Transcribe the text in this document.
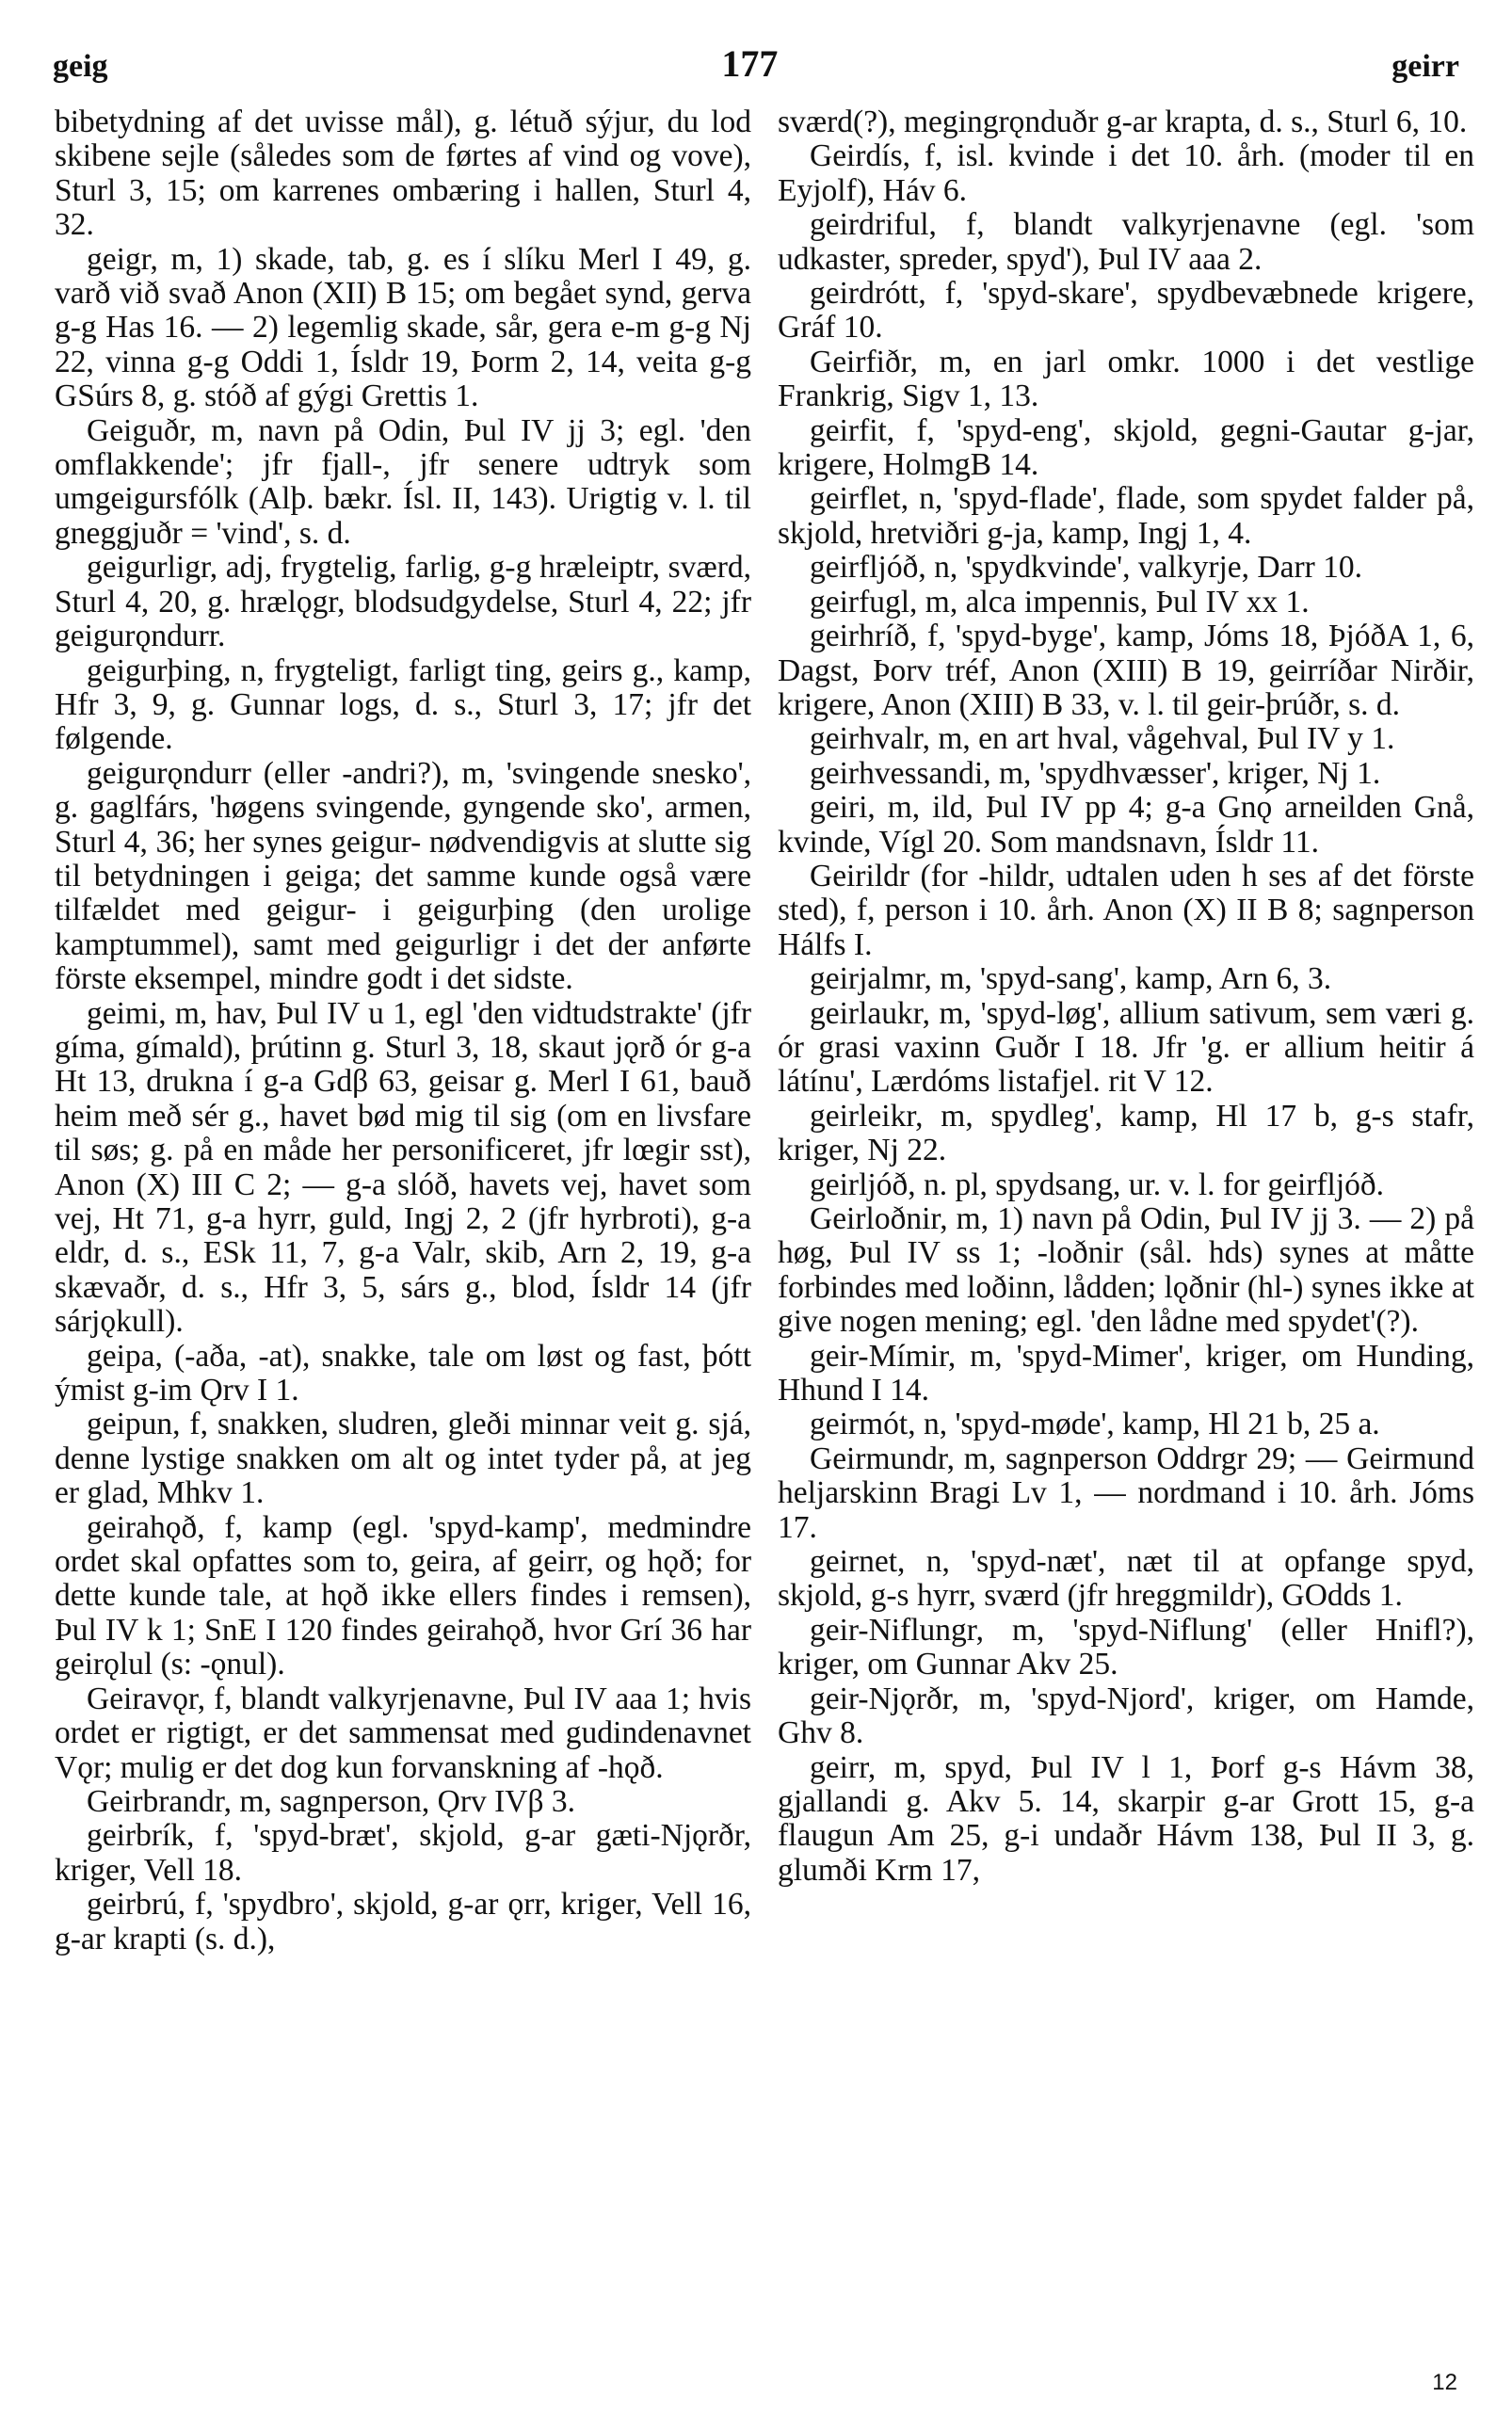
geig	177	geirr

bibetydning af det uvisse mål), g. létuð sýjur, du lod skibene sejle (således som de førtes af vind og vove), Sturl 3, 15; om karrenes ombæring i hallen, Sturl 4, 32.

geigr, m, 1) skade, tab, g. es í slíku Merl I 49, g. varð við svað Anon (XII) B 15; om begået synd, gerva g-g Has 16. — 2) legemlig skade, sår, gera e-m g-g Nj 22, vinna g-g Oddi 1, Ísldr 19, Þorm 2, 14, veita g-g GSúrs 8, g. stóð af gýgi Grettis 1.

Geiguðr, m, navn på Odin, Þul IV jj 3; egl. 'den omflakkende'; jfr fjall-, jfr senere udtryk som umgeigursfólk (Alþ. bækr. Ísl. II, 143). Urigtig v. l. til gneggjuðr = 'vind', s. d.

geigurligr, adj, frygtelig, farlig, g-g hræleiptr, sværd, Sturl 4, 20, g. hrælǫgr, blodsudgydelse, Sturl 4, 22; jfr geigurǫndurr.

geigurþing, n, frygteligt, farligt ting, geirs g., kamp, Hfr 3, 9, g. Gunnar logs, d. s., Sturl 3, 17; jfr det følgende.

geigurǫndurr (eller -andri?), m, 'svingende snesko', g. gaglfárs, 'høgens svingende, gyngende sko', armen, Sturl 4, 36; her synes geigur- nødvendigvis at slutte sig til betydningen i geiga; det samme kunde også være tilfældet med geigur- i geigurþing (den urolige kamptummel), samt med geigurligr i det der anførte förste eksempel, mindre godt i det sidste.

geimi, m, hav, Þul IV u 1, egl 'den vidtudstrakte' (jfr gíma, gímald), þrútinn g. Sturl 3, 18, skaut jǫrð ór g-a Ht 13, drukna í g-a Gdβ 63, geisar g. Merl I 61, bauð heim með sér g., havet bød mig til sig (om en livsfare til søs; g. på en måde her personificeret, jfr lœgir sst), Anon (X) III C 2; — g-a slóð, havets vej, havet som vej, Ht 71, g-a hyrr, guld, Ingj 2, 2 (jfr hyrbroti), g-a eldr, d. s., ESk 11, 7, g-a Valr, skib, Arn 2, 19, g-a skævaðr, d. s., Hfr 3, 5, sárs g., blod, Ísldr 14 (jfr sárjǫkull).

geipa, (-aða, -at), snakke, tale om løst og fast, þótt ýmist g-im Ǫrv I 1.

geipun, f, snakken, sludren, gleði minnar veit g. sjá, denne lystige snakken om alt og intet tyder på, at jeg er glad, Mhkv 1.

geirahǫð, f, kamp (egl. 'spyd-kamp', medmindre ordet skal opfattes som to, geira, af geirr, og hǫð; for dette kunde tale, at hǫð ikke ellers findes i remsen), Þul IV k 1; SnE I 120 findes geirahǫð, hvor Grí 36 har geirǫlul (s: -ǫnul).

Geiravǫr, f, blandt valkyrjenavne, Þul IV aaa 1; hvis ordet er rigtigt, er det sammensat med gudindenavnet Vǫr; mulig er det dog kun forvanskning af -hǫð.

Geirbrandr, m, sagnperson, Ǫrv IVβ 3.

geirbrík, f, 'spyd-bræt', skjold, g-ar gæti-Njǫrðr, kriger, Vell 18.

geirbrú, f, 'spydbro', skjold, g-ar ǫrr, kriger, Vell 16, g-ar krapti (s. d.),

sværd(?), megingrǫnduðr g-ar krapta, d. s., Sturl 6, 10.

Geirdís, f, isl. kvinde i det 10. årh. (moder til en Eyjolf), Háv 6.

geirdriful, f, blandt valkyrjenavne (egl. 'som udkaster, spreder, spyd'), Þul IV aaa 2.

geirdrótt, f, 'spyd-skare', spydbevæbnede krigere, Gráf 10.

Geirfiðr, m, en jarl omkr. 1000 i det vestlige Frankrig, Sigv 1, 13.

geirfit, f, 'spyd-eng', skjold, gegni-Gautar g-jar, krigere, HolmgB 14.

geirflet, n, 'spyd-flade', flade, som spydet falder på, skjold, hretviðri g-ja, kamp, Ingj 1, 4.

geirfljóð, n, 'spydkvinde', valkyrje, Darr 10.

geirfugl, m, alca impennis, Þul IV xx 1.

geirhríð, f, 'spyd-byge', kamp, Jóms 18, ÞjóðA 1, 6, Dagst, Þorv tréf, Anon (XIII) B 19, geirríðar Nirðir, krigere, Anon (XIII) B 33, v. l. til geir-þrúðr, s. d.

geirhvalr, m, en art hval, vågehval, Þul IV y 1.

geirhvessandi, m, 'spydhvæsser', kriger, Nj 1.

geiri, m, ild, Þul IV pp 4; g-a Gnǫ́ arneilden Gnå, kvinde, Vígl 20. Som mandsnavn, Ísldr 11.

Geirildr (for -hildr, udtalen uden h ses af det förste sted), f, person i 10. årh. Anon (X) II B 8; sagnperson Hálfs I.

geirjalmr, m, 'spyd-sang', kamp, Arn 6, 3.

geirlaukr, m, 'spyd-løg', allium sativum, sem væri g. ór grasi vaxinn Guðr I 18. Jfr 'g. er allium heitir á látínu', Lærdóms listafjel. rit V 12.

geirleikr, m, spydleg', kamp, Hl 17 b, g-s stafr, kriger, Nj 22.

geirljóð, n. pl, spydsang, ur. v. l. for geirfljóð.

Geirloðnir, m, 1) navn på Odin, Þul IV jj 3. — 2) på høg, Þul IV ss 1; -loðnir (sål. hds) synes at måtte forbindes med loðinn, lådden; lǫðnir (hl-) synes ikke at give nogen mening; egl. 'den lådne med spydet'(?).

geir-Mímir, m, 'spyd-Mimer', kriger, om Hunding, Hhund I 14.

geirmót, n, 'spyd-møde', kamp, Hl 21 b, 25 a.

Geirmundr, m, sagnperson Oddrgr 29; — Geirmund heljarskinn Bragi Lv 1, — nordmand i 10. årh. Jóms 17.

geirnet, n, 'spyd-næt', næt til at opfange spyd, skjold, g-s hyrr, sværd (jfr hreggmildr), GOdds 1.

geir-Niflungr, m, 'spyd-Niflung' (eller Hnifl?), kriger, om Gunnar Akv 25.

geir-Njǫrðr, m, 'spyd-Njord', kriger, om Hamde, Ghv 8.

geirr, m, spyd, Þul IV l 1, Þorf g-s Hávm 38, gjallandi g. Akv 5. 14, skarpir g-ar Grott 15, g-a flaugun Am 25, g-i undaðr Hávm 138, Þul II 3, g. glumði Krm 17,

12
